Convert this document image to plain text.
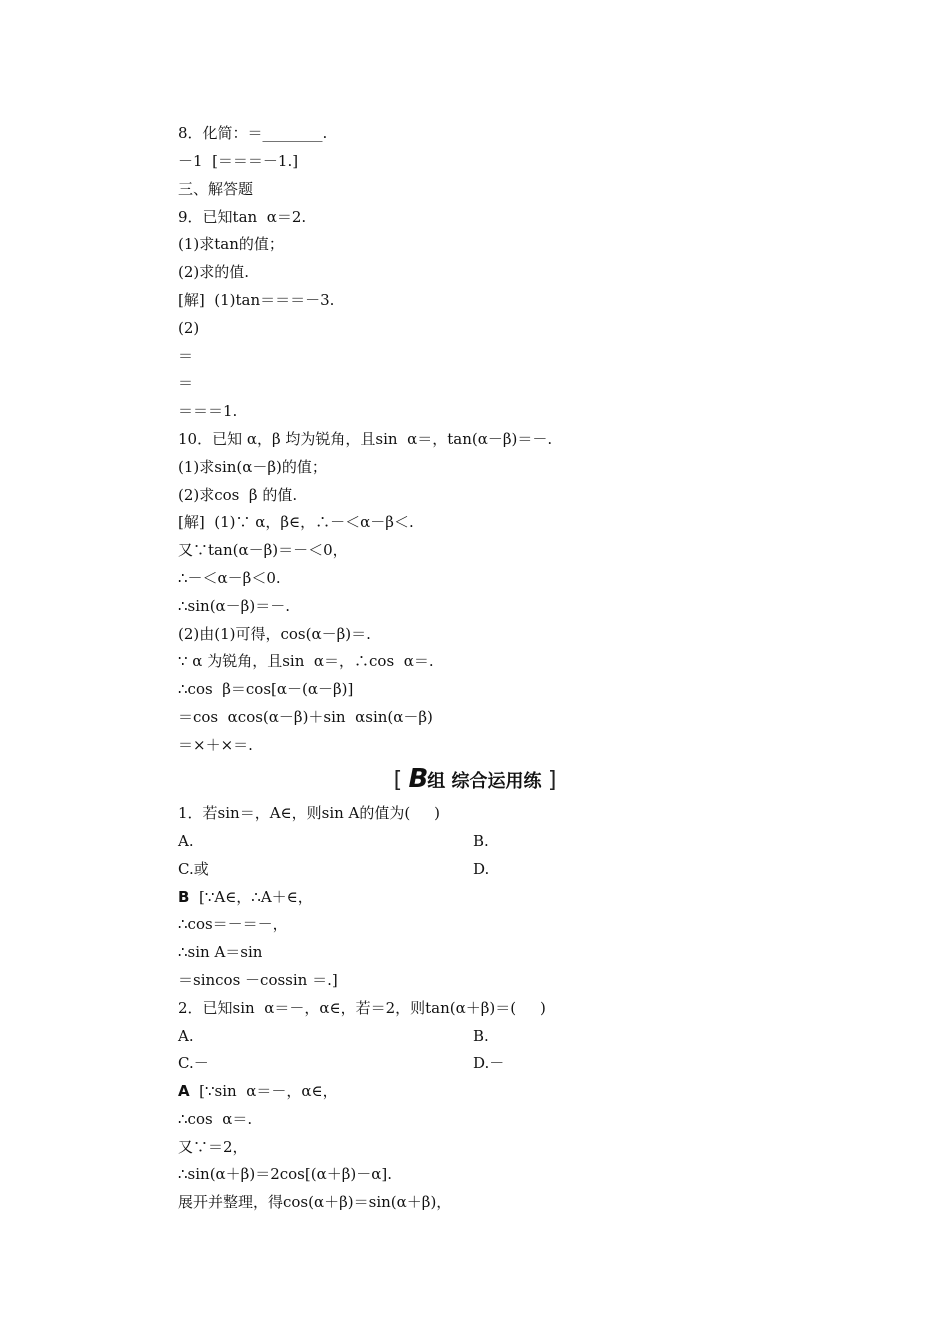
8．化简：＝________.
－1  [＝＝＝－1.]
三、解答题
9．已知tan  α＝2.
(1)求tan的值；
(2)求的值.
[解]  (1)tan＝＝＝－3.
(2)
＝
＝
＝＝＝1.
10．已知 α，β 均为锐角，且sin  α＝，tan(α－β)＝－.
(1)求sin(α－β)的值；
(2)求cos  β 的值.
[解]  (1)∵ α，β∈，∴－＜α－β＜.
又∵tan(α－β)＝－＜0，
∴－＜α－β＜0.
∴sin(α－β)＝－.
(2)由(1)可得，cos(α－β)＝.
∵ α 为锐角，且sin  α＝，∴cos  α＝.
∴cos  β＝cos[α－(α－β)]
＝cos  αcos(α－β)＋sin  αsin(α－β)
＝×＋×＝.
1．若sin＝，A∈，则sin A的值为(     )
A.	B.
C.或	D.
B  [∵A∈，∴A＋∈，
∴cos＝－＝－，
∴sin A＝sin
＝sincos －cossin ＝.]
2．已知sin  α＝－，α∈，若＝2，则tan(α＋β)＝(     )
A.	B.
C.－	D.－
A  [∵sin  α＝－，α∈，
∴cos  α＝.
又∵＝2，
∴sin(α＋β)＝2cos[(α＋β)－α].
展开并整理，得cos(α＋β)＝sin(α＋β)，
[ B组 综合运用练 ]
